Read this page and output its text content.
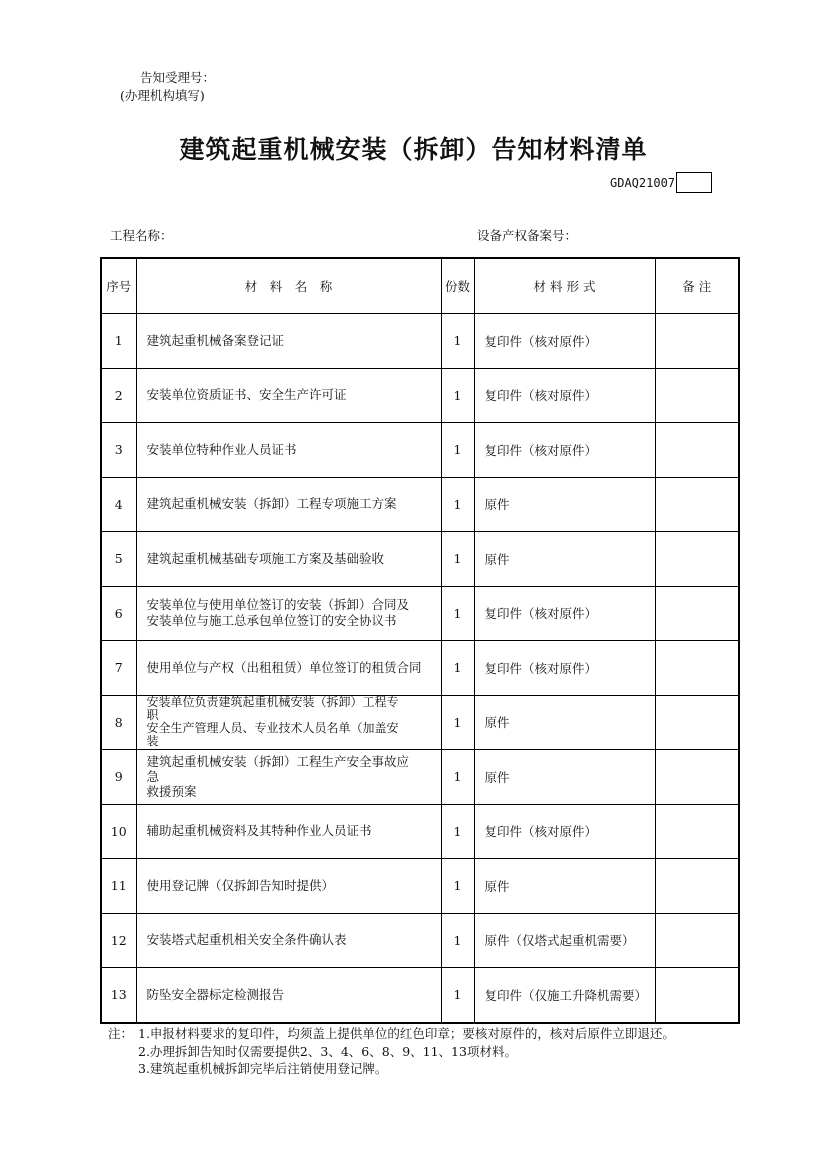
告知受理号：
(办理机构填写)
建筑起重机械安装（拆卸）告知材料清单
GDAQ21007
工程名称：	设备产权备案号：
序号	材　料　名　称	份数	材 料 形 式	备 注
1	建筑起重机械备案登记证	1	复印件（核对原件）	
2	安装单位资质证书、安全生产许可证	1	复印件（核对原件）	
3	安装单位特种作业人员证书	1	复印件（核对原件）	
4	建筑起重机械安装（拆卸）工程专项施工方案	1	原件	
5	建筑起重机械基础专项施工方案及基础验收	1	原件	
6	安装单位与使用单位签订的安装（拆卸）合同及
安装单位与施工总承包单位签订的安全协议书	1	复印件（核对原件）	
7	使用单位与产权（出租租赁）单位签订的租赁合同	1	复印件（核对原件）	
8	安装单位负责建筑起重机械安装（拆卸）工程专
职
安全生产管理人员、专业技术人员名单（加盖安
装	1	原件	
9	建筑起重机械安装（拆卸）工程生产安全事故应
急
救援预案	1	原件	
10	辅助起重机械资料及其特种作业人员证书	1	复印件（核对原件）	
11	使用登记牌（仅拆卸告知时提供）	1	原件	
12	安装塔式起重机相关安全条件确认表	1	原件（仅塔式起重机需要）	
13	防坠安全器标定检测报告	1	复印件（仅施工升降机需要）	
注： 1.申报材料要求的复印件，均须盖上提供单位的红色印章；要核对原件的，核对后原件立即退还。
2.办理拆卸告知时仅需要提供2、3、4、6、8、9、11、13项材料。
3.建筑起重机械拆卸完毕后注销使用登记牌。
